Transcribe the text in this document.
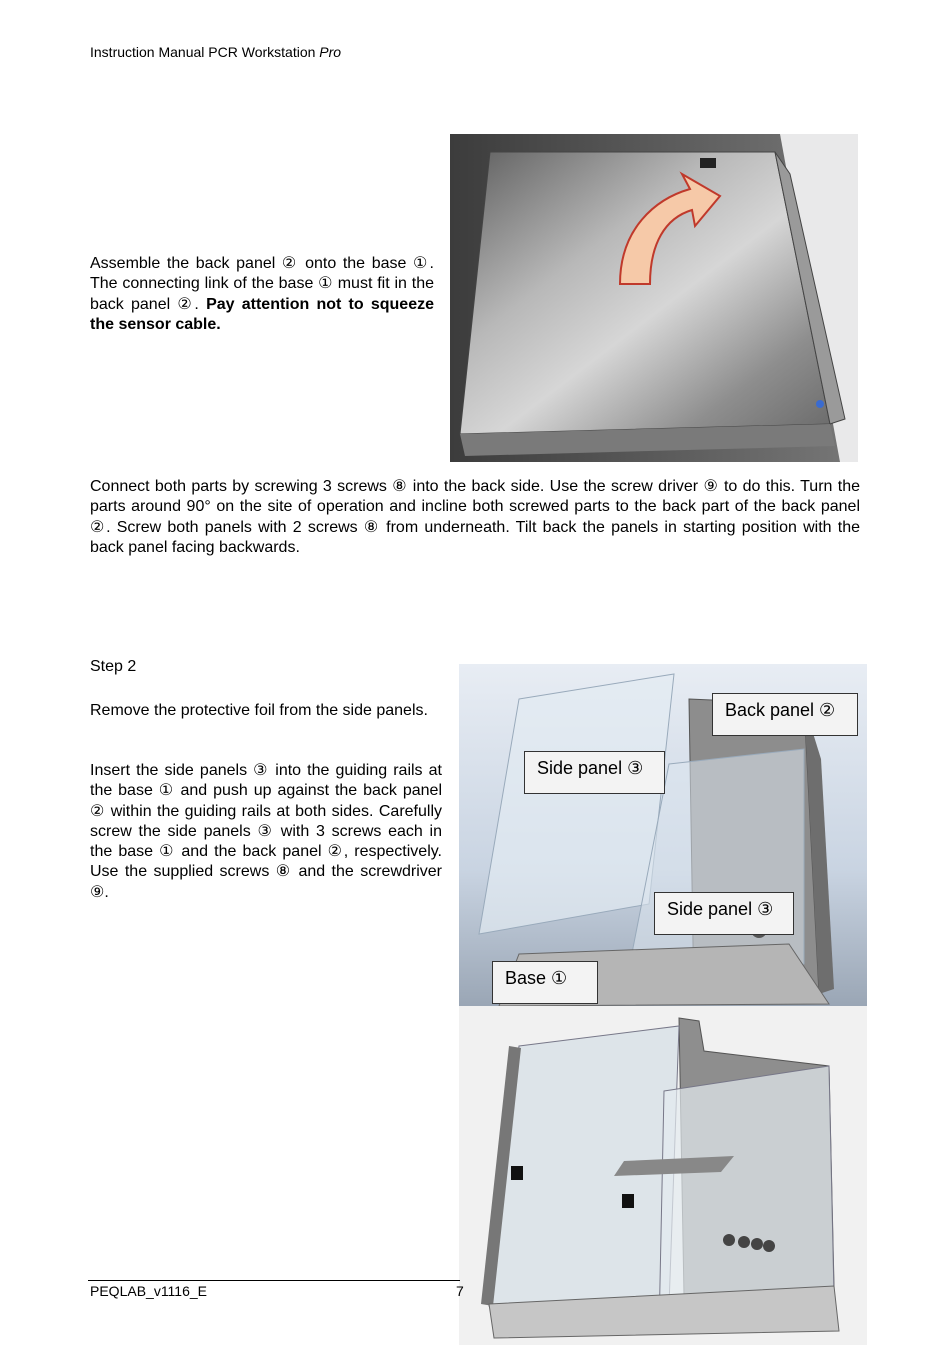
Instruction Manual PCR Workstation Pro
Assemble the back panel ② onto the base ①. The connecting link of the base ① must fit in the back panel ②. Pay attention not to squeeze the sensor cable.
Connect both parts by screwing 3 screws ⑧ into the back side. Use the screw driver ⑨ to do this. Turn the parts around 90° on the site of operation and incline both screwed parts to the back part of the back panel ②. Screw both panels with 2 screws ⑧ from underneath. Tilt back the panels in starting position with the back panel facing backwards.
Step 2
Remove the protective foil from the side panels.
Insert the side panels ③ into the guiding rails at the base ① and push up against the back panel ② within the guiding rails at both sides. Carefully screw the side panels ③ with 3 screws each in the base ① and the back panel ②, respectively. Use the supplied screws ⑧ and the screwdriver ⑨.
Back panel ②
Side panel ③
Side panel ③
Base ①
PEQLAB_v1116_E	7
